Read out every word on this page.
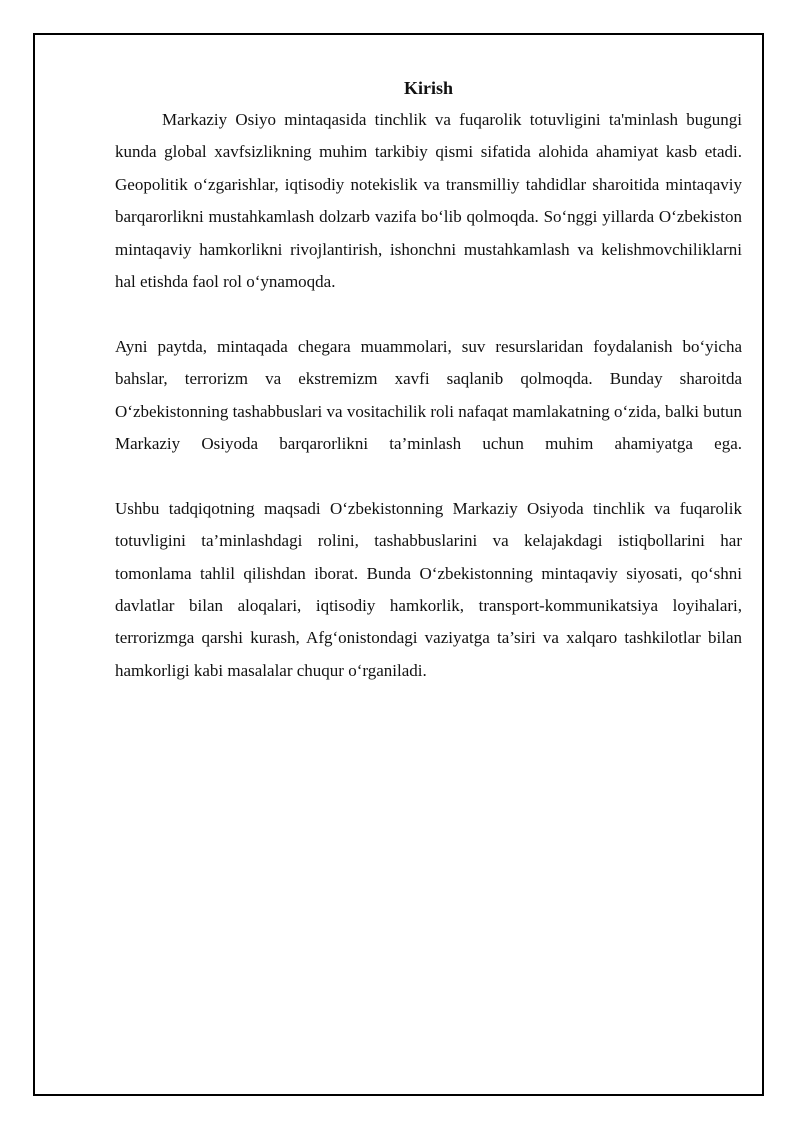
Kirish

Markaziy Osiyo mintaqasida tinchlik va fuqarolik totuvligini ta'minlash bugungi kunda global xavfsizlikning muhim tarkibiy qismi sifatida alohida ahamiyat kasb etadi. Geopolitik o‘zgarishlar, iqtisodiy notekislik va transmilliy tahdidlar sharoitida mintaqaviy barqarorlikni mustahkamlash dolzarb vazifa bo‘lib qolmoqda. So‘nggi yillarda O‘zbekiston mintaqaviy hamkorlikni rivojlantirish, ishonchni mustahkamlash va kelishmovchiliklarni hal etishda faol rol o‘ynamoqda.

Ayni paytda, mintaqada chegara muammolari, suv resurslaridan foydalanish bo‘yicha bahslar, terrorizm va ekstremizm xavfi saqlanib qolmoqda. Bunday sharoitda O‘zbekistonning tashabbuslari va vositachilik roli nafaqat mamlakatning o‘zida, balki butun Markaziy Osiyoda barqarorlikni ta’minlash uchun muhim ahamiyatga ega.

Ushbu tadqiqotning maqsadi O‘zbekistonning Markaziy Osiyoda tinchlik va fuqarolik totuvligini ta’minlashdagi rolini, tashabbuslarini va kelajakdagi istiqbollarini har tomonlama tahlil qilishdan iborat. Bunda O‘zbekistonning mintaqaviy siyosati, qo‘shni davlatlar bilan aloqalari, iqtisodiy hamkorlik, transport-kommunikatsiya loyihalari, terrorizmga qarshi kurash, Afg‘onistondagi vaziyatga ta’siri va xalqaro tashkilotlar bilan hamkorligi kabi masalalar chuqur o‘rganiladi.
